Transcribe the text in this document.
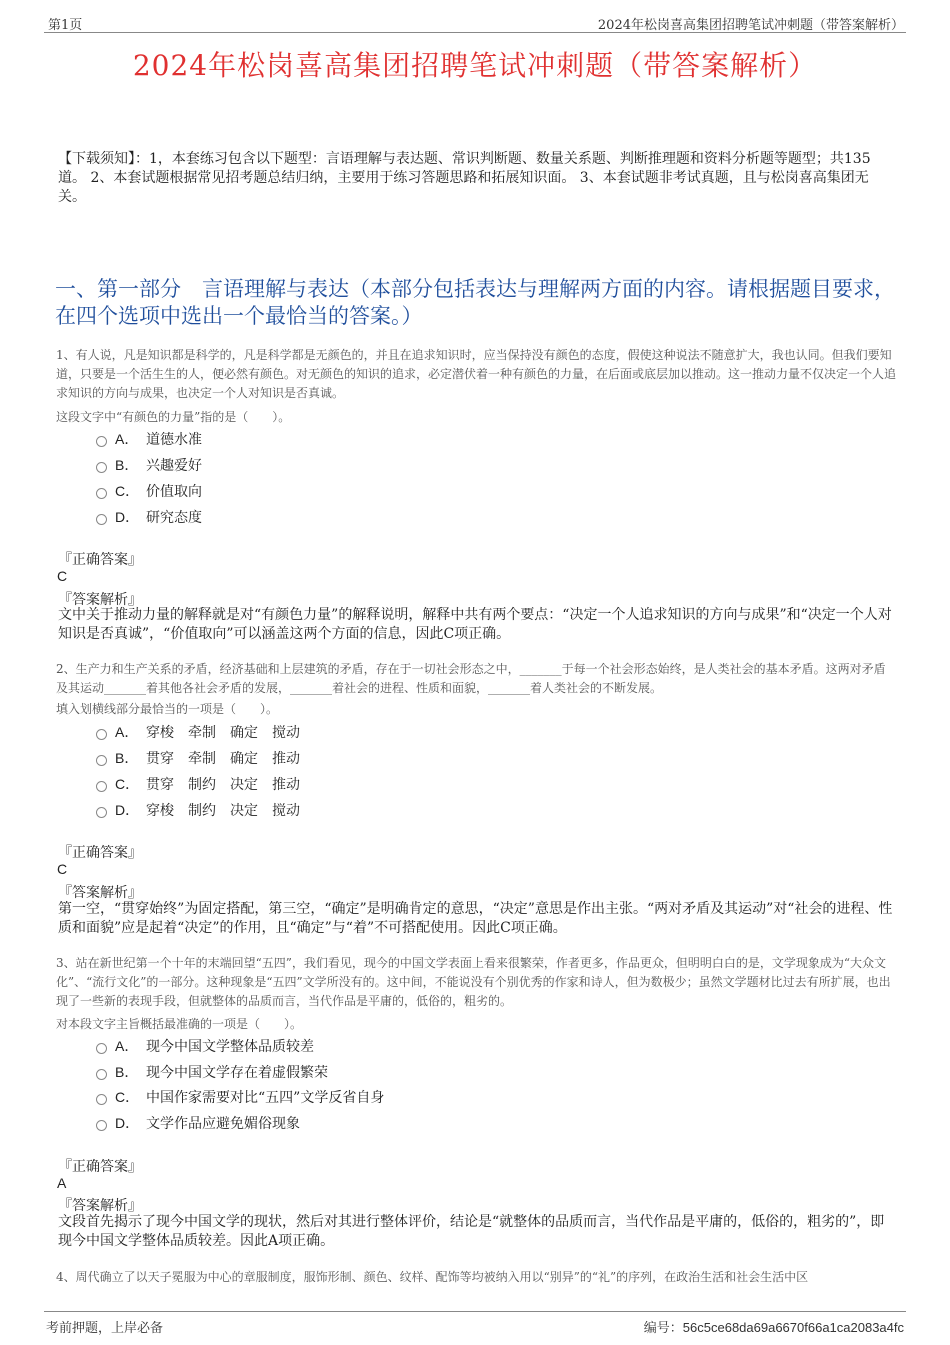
第1页	2024年松岗喜高集团招聘笔试冲刺题（带答案解析）
2024年松岗喜高集团招聘笔试冲刺题（带答案解析）
【下载须知】：1，本套练习包含以下题型：言语理解与表达题、常识判断题、数量关系题、判断推理题和资料分析题等题型；共135道。 2、本套试题根据常见招考题总结归纳，主要用于练习答题思路和拓展知识面。 3、本套试题非考试真题，且与松岗喜高集团无关。
一、第一部分　言语理解与表达（本部分包括表达与理解两方面的内容。请根据题目要求，在四个选项中选出一个最恰当的答案。）
1、有人说，凡是知识都是科学的，凡是科学都是无颜色的，并且在追求知识时，应当保持没有颜色的态度，假使这种说法不随意扩大，我也认同。但我们要知道，只要是一个活生生的人，便必然有颜色。对无颜色的知识的追求，必定潜伏着一种有颜色的力量，在后面或底层加以推动。这一推动力量不仅决定一个人追求知识的方向与成果，也决定一个人对知识是否真诚。
这段文字中“有颜色的力量”指的是（　　）。
A． 道德水准
B． 兴趣爱好
C． 价值取向
D． 研究态度
『正确答案』
C
『答案解析』
文中关于推动力量的解释就是对“有颜色力量”的解释说明，解释中共有两个要点：“决定一个人追求知识的方向与成果”和“决定一个人对知识是否真诚”，“价值取向”可以涵盖这两个方面的信息，因此C项正确。
2、生产力和生产关系的矛盾，经济基础和上层建筑的矛盾，存在于一切社会形态之中，_______于每一个社会形态始终，是人类社会的基本矛盾。这两对矛盾及其运动_______着其他各社会矛盾的发展，_______着社会的进程、性质和面貌，_______着人类社会的不断发展。
填入划横线部分最恰当的一项是（　　）。
A． 穿梭　牵制　确定　搅动
B． 贯穿　牵制　确定　推动
C． 贯穿　制约　决定　推动
D． 穿梭　制约　决定　搅动
『正确答案』
C
『答案解析』
第一空，“贯穿始终”为固定搭配，第三空，“确定”是明确肯定的意思，“决定”意思是作出主张。“两对矛盾及其运动”对“社会的进程、性质和面貌”应是起着“决定”的作用，且“确定”与“着”不可搭配使用。因此C项正确。
3、站在新世纪第一个十年的末端回望“五四”，我们看见，现今的中国文学表面上看来很繁荣，作者更多，作品更众，但明明白白的是，文学现象成为“大众文化”、“流行文化”的一部分。这种现象是“五四”文学所没有的。这中间，不能说没有个别优秀的作家和诗人，但为数极少；虽然文学题材比过去有所扩展，也出现了一些新的表现手段，但就整体的品质而言，当代作品是平庸的，低俗的，粗劣的。
对本段文字主旨概括最准确的一项是（　　）。
A． 现今中国文学整体品质较差
B． 现今中国文学存在着虚假繁荣
C． 中国作家需要对比“五四”文学反省自身
D． 文学作品应避免媚俗现象
『正确答案』
A
『答案解析』
文段首先揭示了现今中国文学的现状，然后对其进行整体评价，结论是“就整体的品质而言，当代作品是平庸的，低俗的，粗劣的”，即现今中国文学整体品质较差。因此A项正确。
4、周代确立了以天子冕服为中心的章服制度，服饰形制、颜色、纹样、配饰等均被纳入用以“别异”的“礼”的序列，在政治生活和社会生活中区
考前押题，上岸必备	编号：56c5ce68da69a6670f66a1ca2083a4fc
